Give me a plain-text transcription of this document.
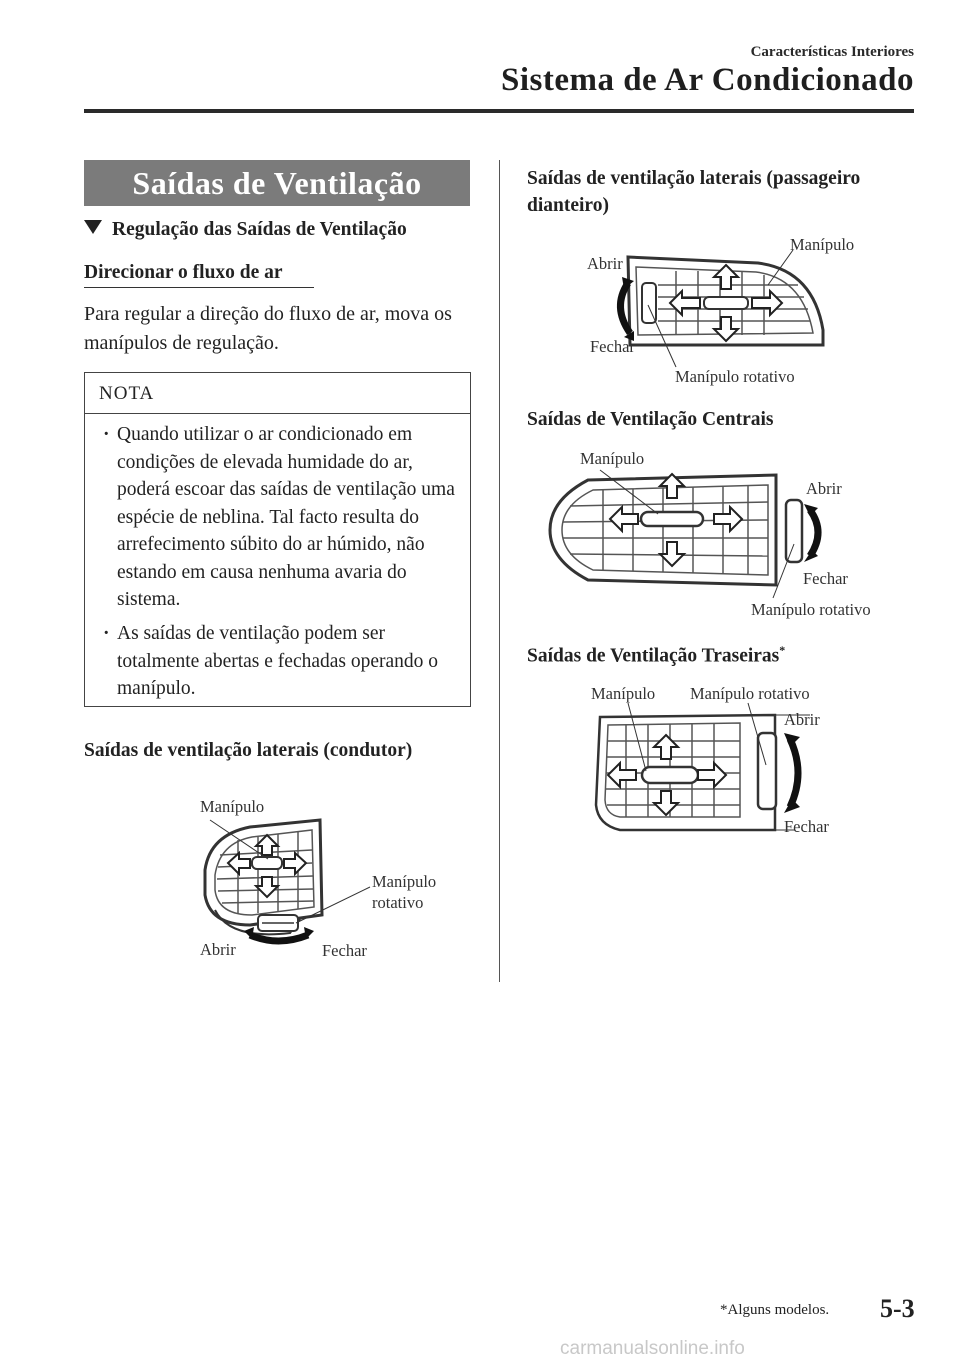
Características Interiores
Sistema de Ar Condicionado
Saídas de Ventilação
Regulação das Saídas de Ventilação
Direcionar o fluxo de ar
Para regular a direção do fluxo de ar, mova os manípulos de regulação.
NOTA
· Quando utilizar o ar condicionado em condições de elevada humidade do ar, poderá escoar das saídas de ventilação uma espécie de neblina. Tal facto resulta do arrefecimento súbito do ar húmido, não estando em causa nenhuma avaria do sistema.
· As saídas de ventilação podem ser totalmente abertas e fechadas operando o manípulo.
Saídas de ventilação laterais (condutor)
Manípulo
Manípulo
rotativo
Abrir	Fechar
Saídas de ventilação laterais (passageiro dianteiro)
Manípulo
Abrir
Fechar
Manípulo rotativo
Saídas de Ventilação Centrais
Manípulo
Abrir
Fechar
Manípulo rotativo
Saídas de Ventilação Traseiras*
Manípulo Manípulo rotativo
Abrir
Fechar
*Alguns modelos. 5-3
carmanualsonline.info
